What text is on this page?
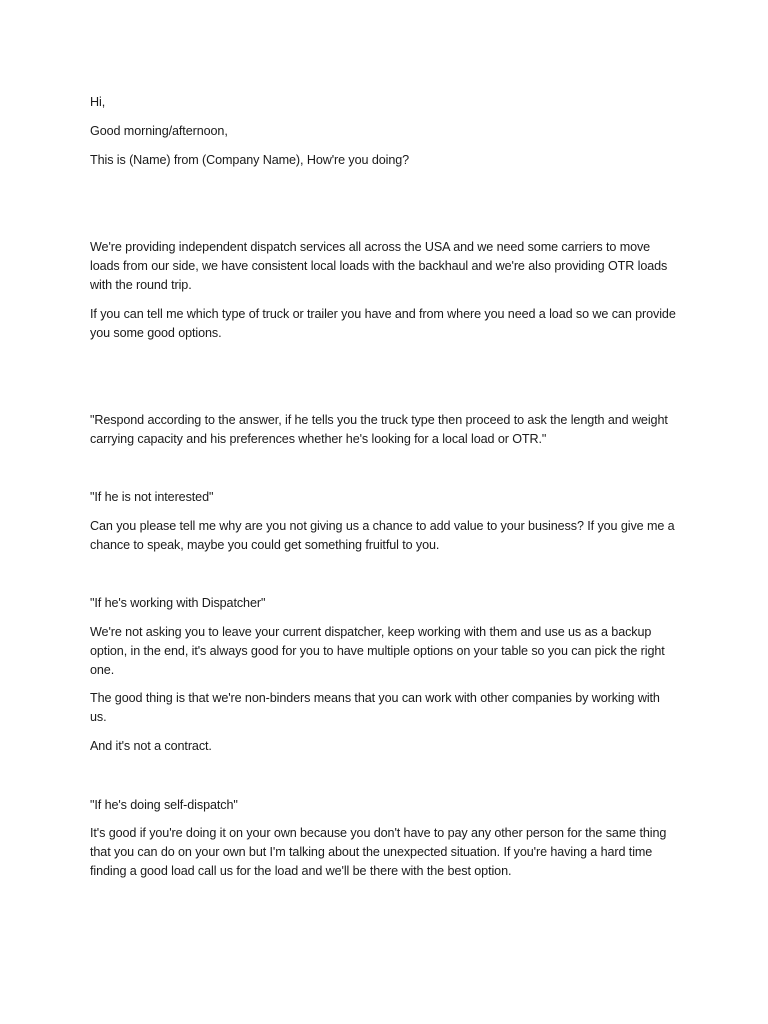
Hi,

Good morning/afternoon,

This is (Name) from (Company Name), How're you doing?

We're providing independent dispatch services all across the USA and we need some carriers to move loads from our side, we have consistent local loads with the backhaul and we're also providing OTR loads with the round trip.

If you can tell me which type of truck or trailer you have and from where you need a load so we can provide you some good options.

"Respond according to the answer, if he tells you the truck type then proceed to ask the length and weight carrying capacity and his preferences whether he's looking for a local load or OTR."

"If he is not interested"

Can you please tell me why are you not giving us a chance to add value to your business? If you give me a chance to speak, maybe you could get something fruitful to you.

"If he's working with Dispatcher"

We're not asking you to leave your current dispatcher, keep working with them and use us as a backup option, in the end, it's always good for you to have multiple options on your table so you can pick the right one.

The good thing is that we're non-binders means that you can work with other companies by working with us.

And it's not a contract.

"If he's doing self-dispatch"

It's good if you're doing it on your own because you don't have to pay any other person for the same thing that you can do on your own but I'm talking about the unexpected situation. If you're having a hard time finding a good load call us for the load and we'll be there with the best option.
